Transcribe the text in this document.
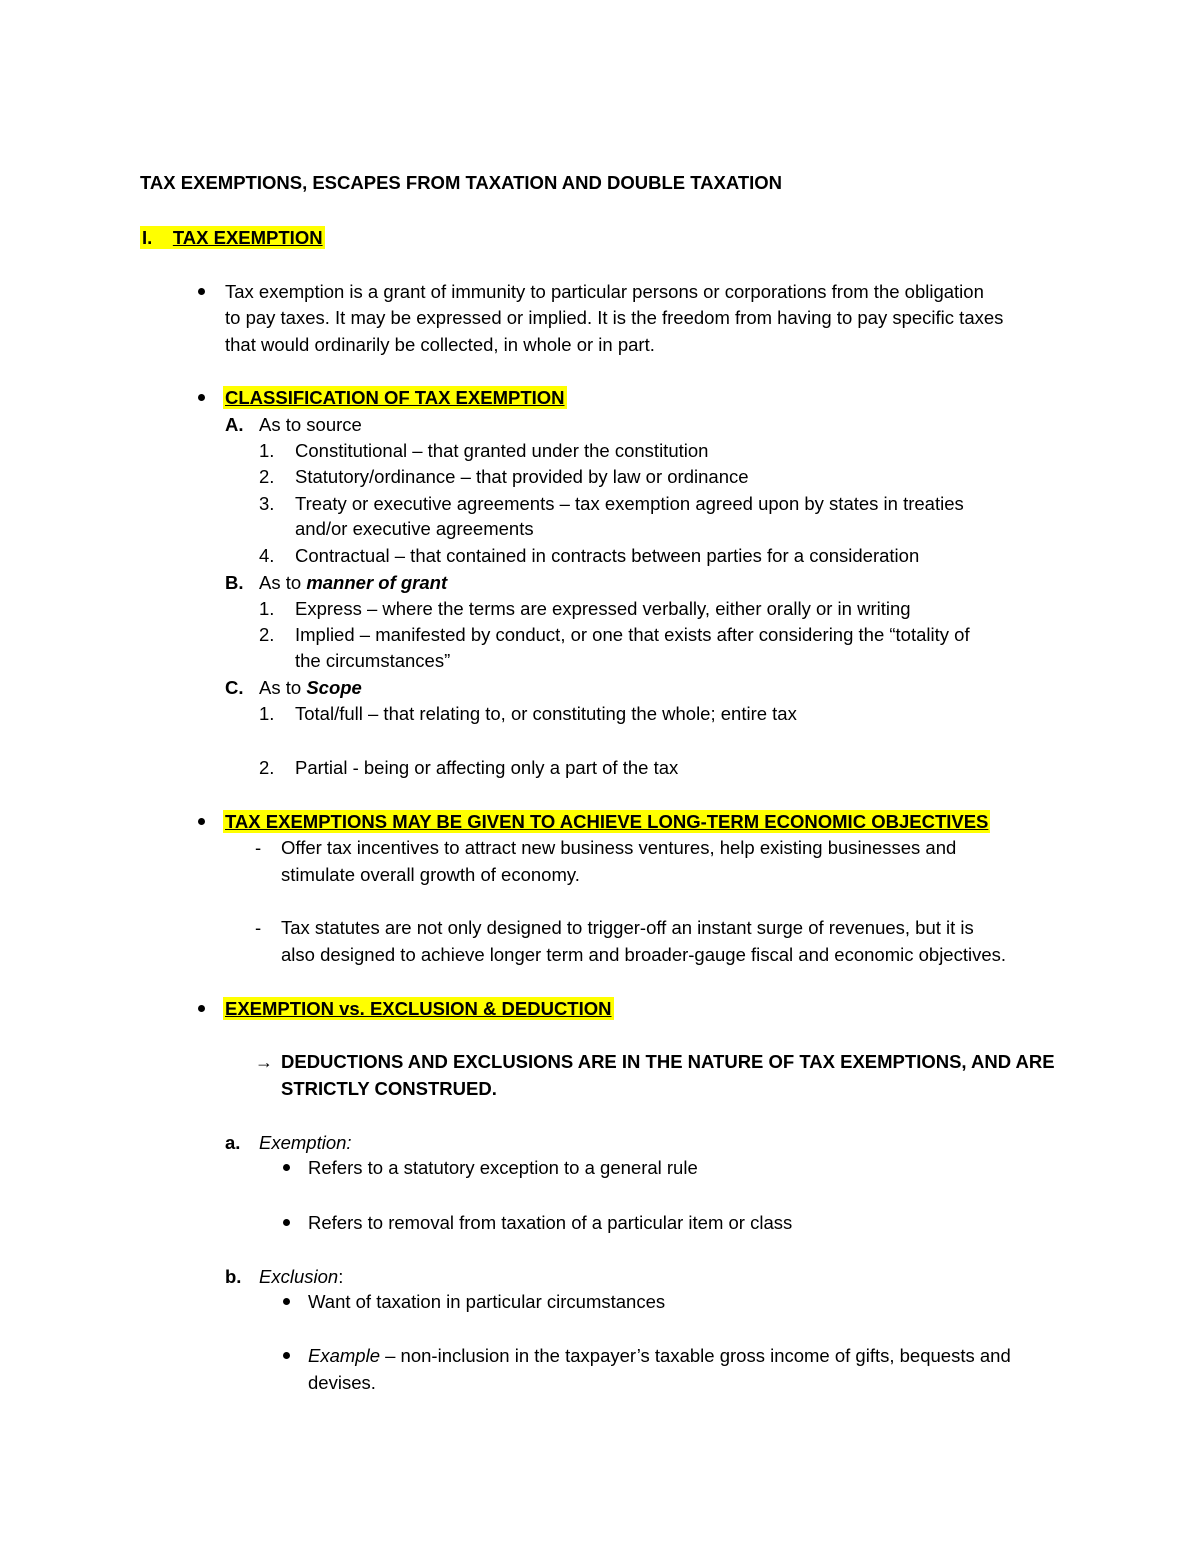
TAX EXEMPTIONS, ESCAPES FROM TAXATION AND DOUBLE TAXATION
I. TAX EXEMPTION
Tax exemption is a grant of immunity to particular persons or corporations from the obligation
to pay taxes. It may be expressed or implied. It is the freedom from having to pay specific taxes
that would ordinarily be collected, in whole or in part.
CLASSIFICATION OF TAX EXEMPTION
A. As to source
1. Constitutional – that granted under the constitution
2. Statutory/ordinance – that provided by law or ordinance
3. Treaty or executive agreements – tax exemption agreed upon by states in treaties
and/or executive agreements
4. Contractual – that contained in contracts between parties for a consideration
B. As to manner of grant
1. Express – where the terms are expressed verbally, either orally or in writing
2. Implied – manifested by conduct, or one that exists after considering the “totality of
the circumstances”
C. As to Scope
1. Total/full – that relating to, or constituting the whole; entire tax
2. Partial - being or affecting only a part of the tax
TAX EXEMPTIONS MAY BE GIVEN TO ACHIEVE LONG-TERM ECONOMIC OBJECTIVES
- Offer tax incentives to attract new business ventures, help existing businesses and
stimulate overall growth of economy.
- Tax statutes are not only designed to trigger-off an instant surge of revenues, but it is
also designed to achieve longer term and broader-gauge fiscal and economic objectives.
EXEMPTION vs. EXCLUSION & DEDUCTION
→ DEDUCTIONS AND EXCLUSIONS ARE IN THE NATURE OF TAX EXEMPTIONS, AND ARE
STRICTLY CONSTRUED.
a. Exemption:
Refers to a statutory exception to a general rule
Refers to removal from taxation of a particular item or class
b. Exclusion:
Want of taxation in particular circumstances
Example – non-inclusion in the taxpayer’s taxable gross income of gifts, bequests and
devises.
